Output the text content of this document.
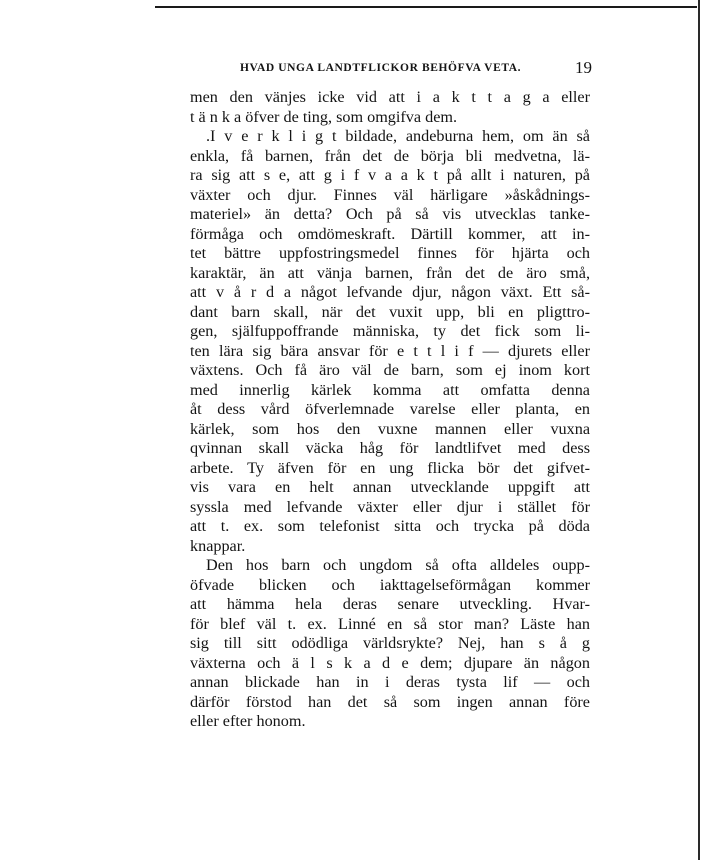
HVAD UNGA LANDTFLICKOR BEHÖFVA VETA.	19
men den vänjes icke vid att i a k t t a g a eller
t ä n k a öfver de ting, som omgifva dem.
.I v e r k l i g t bildade, andeburna hem, om än så
enkla, få barnen, från det de börja bli medvetna, lä-
ra sig att s e, att g i f v a a k t på allt i naturen, på
växter och djur. Finnes väl härligare »åskådnings-
materiel» än detta? Och på så vis utvecklas tanke-
förmåga och omdömeskraft. Därtill kommer, att in-
tet bättre uppfostringsmedel finnes för hjärta och
karaktär, än att vänja barnen, från det de äro små,
att v å r d a något lefvande djur, någon växt. Ett så-
dant barn skall, när det vuxit upp, bli en pligttro-
gen, själfuppoffrande människa, ty det fick som li-
ten lära sig bära ansvar för e t t l i f — djurets eller
växtens. Och få äro väl de barn, som ej inom kort
med innerlig kärlek komma att omfatta denna
åt dess vård öfverlemnade varelse eller planta, en
kärlek, som hos den vuxne mannen eller vuxna
qvinnan skall väcka håg för landtlifvet med dess
arbete. Ty äfven för en ung flicka bör det gifvet-
vis vara en helt annan utvecklande uppgift att
syssla med lefvande växter eller djur i stället för
att t. ex. som telefonist sitta och trycka på döda
knappar.
Den hos barn och ungdom så ofta alldeles oupp-
öfvade blicken och iakttagelseförmågan kommer
att hämma hela deras senare utveckling. Hvar-
för blef väl t. ex. Linné en så stor man? Läste han
sig till sitt odödliga världsrykte? Nej, han s å g
växterna och ä l s k a d e dem; djupare än någon
annan blickade han in i deras tysta lif — och
därför förstod han det så som ingen annan före
eller efter honom.
